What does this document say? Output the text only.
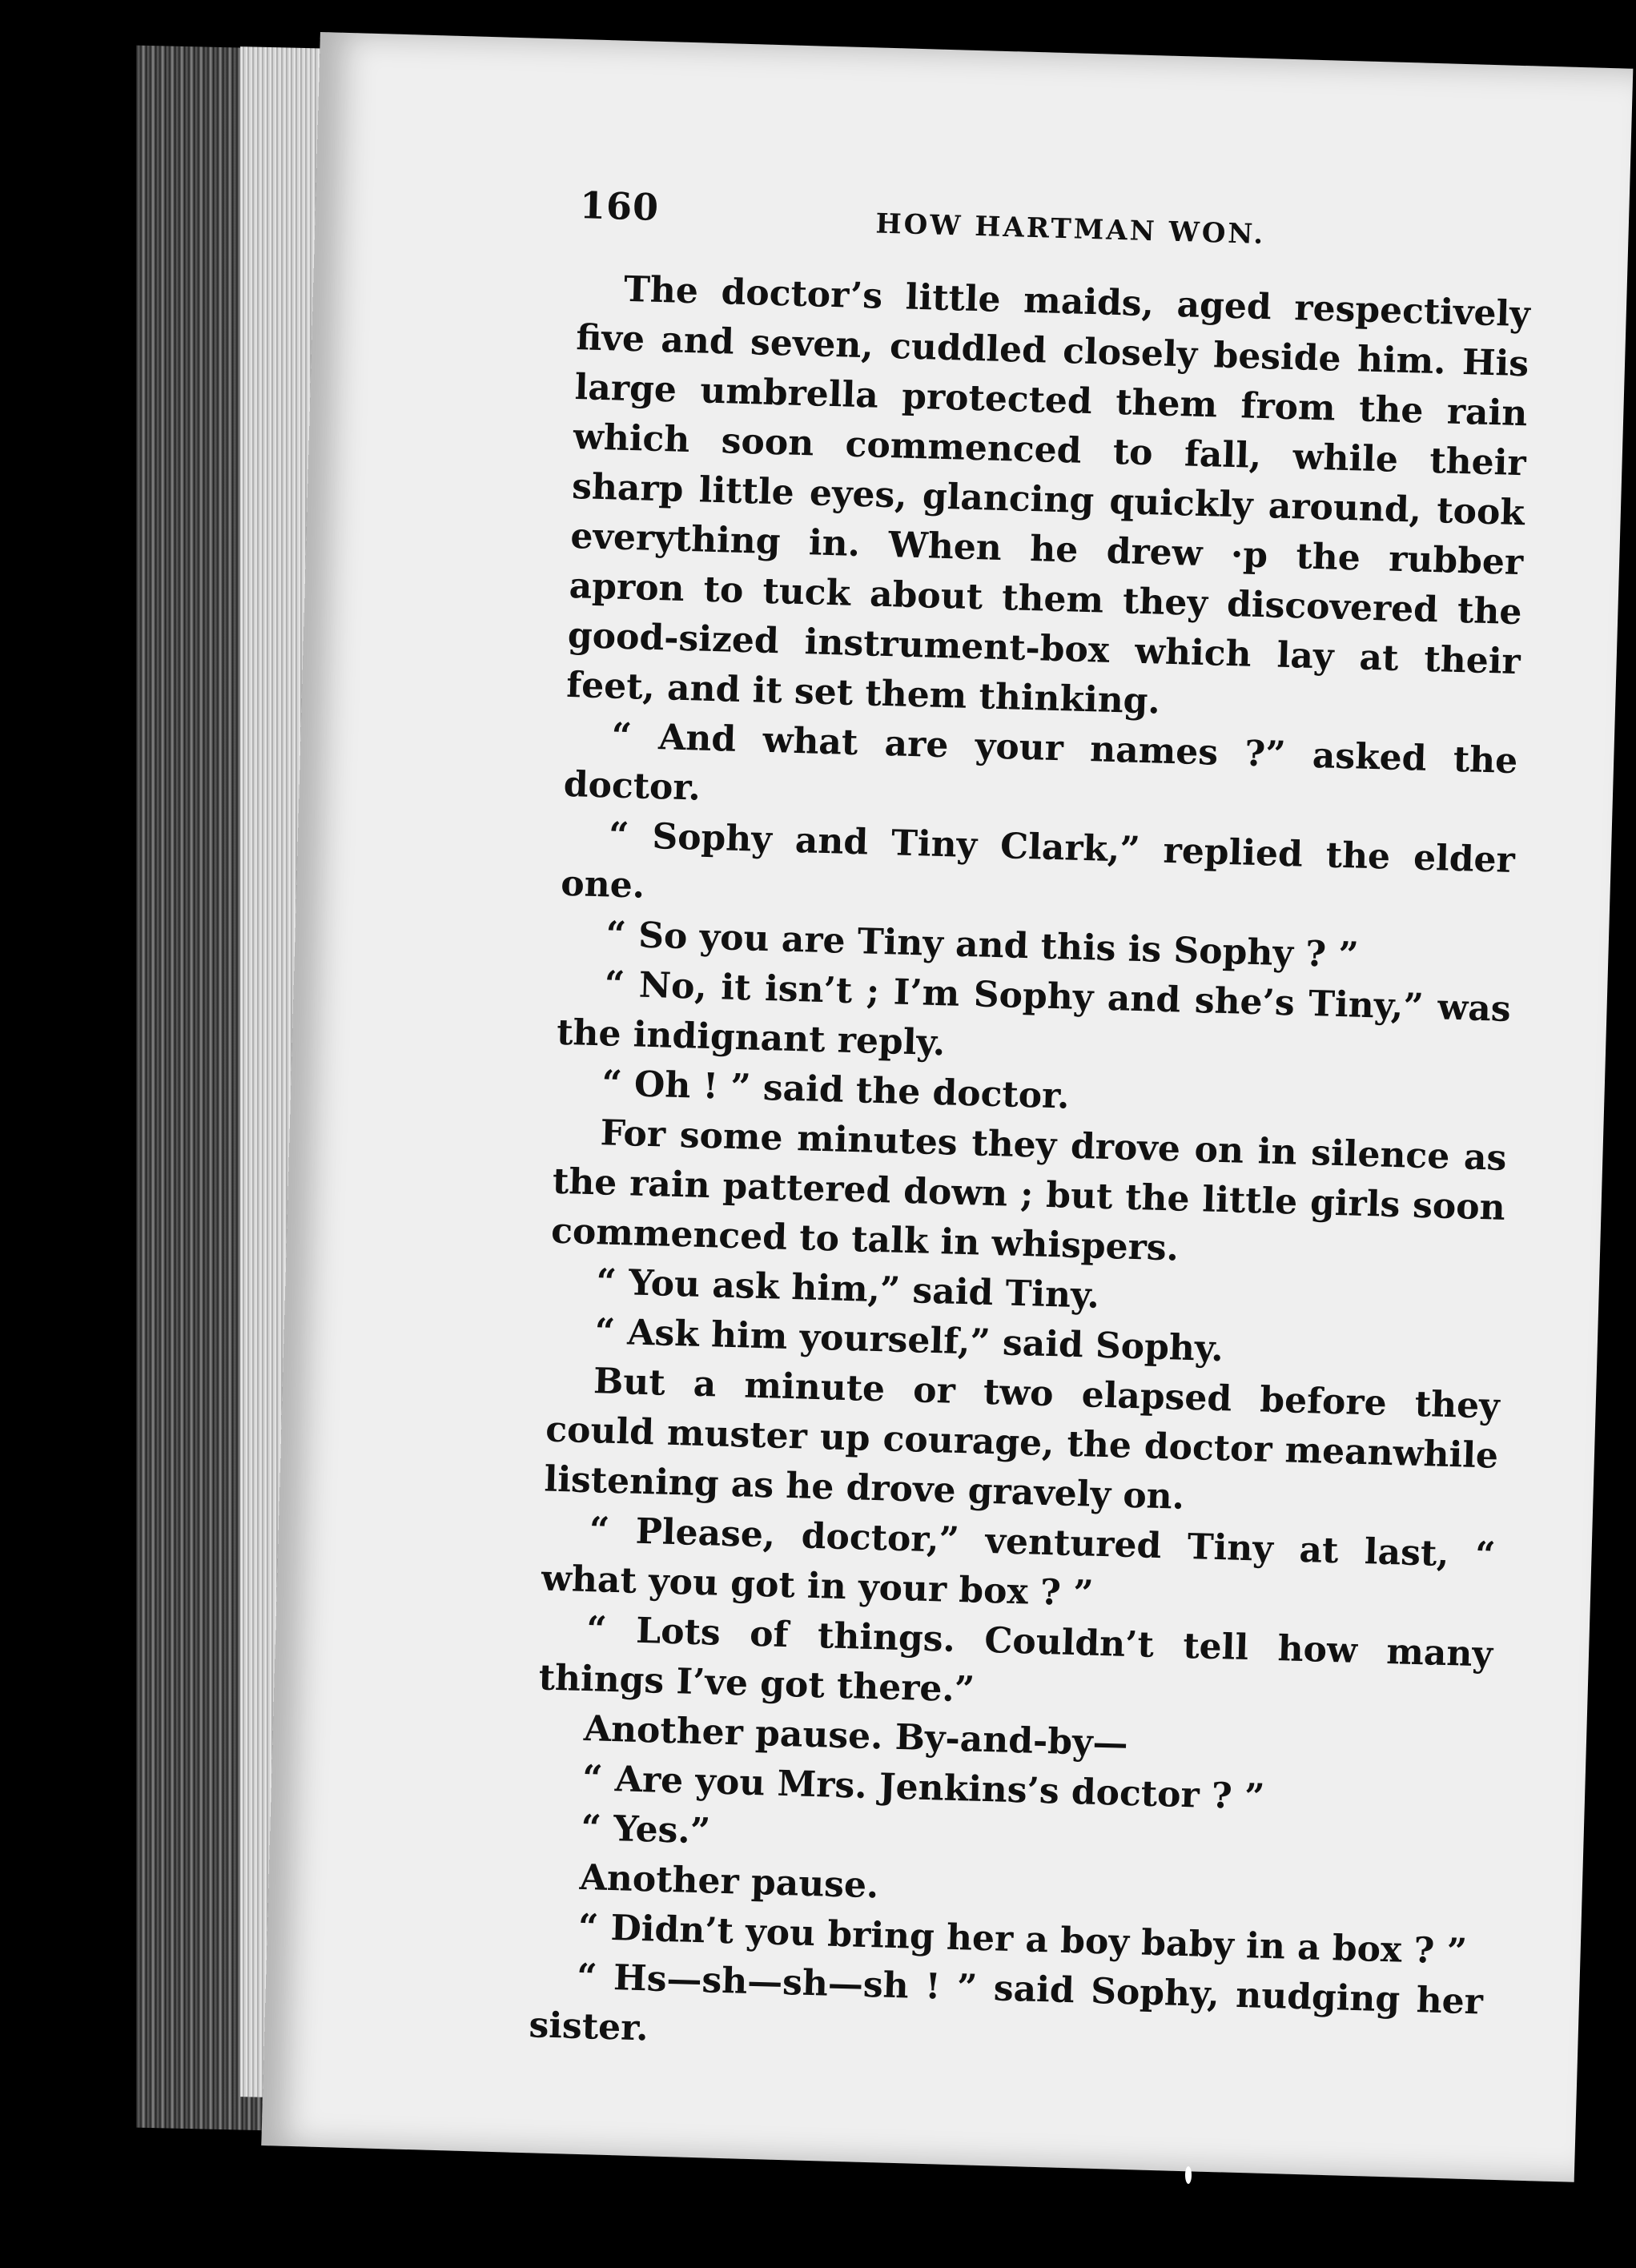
160
HOW HARTMAN WON.

The doctor’s little maids, aged respectively five and seven, cuddled closely beside him. His large umbrella protected them from the rain which soon commenced to fall, while their sharp little eyes, glancing quickly around, took everything in. When he drew ·p the rubber apron to tuck about them they discovered the good-sized instrument-box which lay at their feet, and it set them thinking.

“ And what are your names ?” asked the doctor.

“ Sophy and Tiny Clark,” replied the elder one.

“ So you are Tiny and this is Sophy ? ”

“ No, it isn’t ; I’m Sophy and she’s Tiny,” was the indignant reply.

“ Oh ! ” said the doctor.

For some minutes they drove on in silence as the rain pattered down ; but the little girls soon commenced to talk in whispers.

“ You ask him,” said Tiny.

“ Ask him yourself,” said Sophy.

But a minute or two elapsed before they could muster up courage, the doctor meanwhile listening as he drove gravely on.

“ Please, doctor,” ventured Tiny at last, “ what you got in your box ? ”

“ Lots of things. Couldn’t tell how many things I’ve got there.”

Another pause. By-and-by—

“ Are you Mrs. Jenkins’s doctor ? ”

“ Yes.”

Another pause.

“ Didn’t you bring her a boy baby in a box ? ”

“ Hs—sh—sh—sh ! ” said Sophy, nudging her sister.
